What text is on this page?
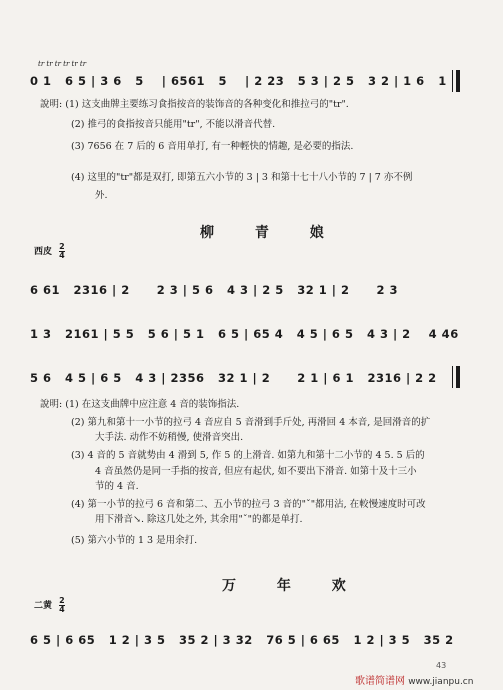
tr tr tr tr tr tr
0 1   6 5 | 3 6   5    | 6561   5    | 2 23   5 3 | 2 5   3 2 | 1 6   1
說明: (1) 这支曲牌主要练习食指按音的装饰音的各种变化和推拉弓的"tr".
(2) 推弓的食指按音只能用"tr", 不能以滑音代替.
(3) 7656 在 7 后的 6 音用单打, 有一种輕快的情趣, 是必要的指法.
(4) 这里的"tr"都是双打, 即第五六小节的 3 | 3 和第十七十八小节的 7 | 7 亦不例
外.
柳 青 娘
西皮 $\frac{2}{4}$
6 61   2316 | 2      2 3 | 5 6   4 3 | 2 5   32 1 | 2      2 3
1 3   2161 | 5 5   5 6 | 5 1   6 5 | 65 4   4 5 | 6 5   4 3 | 2    4 46
5 6   4 5 | 6 5   4 3 | 2356   32 1 | 2      2 1 | 6 1   2316 | 2 2
說明: (1) 在这支曲牌中应注意 4 音的装饰指法.
(2) 第九和第十一小节的拉弓 4 音应自 5 音滑到手斤处, 再滑回 4 本音, 是回滑音的扩
大手法. 动作不妨稍慢, 使滑音突出.
(3) 4 音的 5 音就势由 4 滑到 5, 作 5 的上滑音. 如第九和第十二小节的 4 5. 5 后的
4 音虽然仍是同一手指的按音, 但应有起伏, 如不要出下滑音. 如第十及十三小
节的 4 音.
(4) 第一小节的拉弓 6 音和第二、五小节的拉弓 3 音的"ˇ"都用沾, 在較慢速度时可改
用下滑音↘. 除这几处之外, 其余用"ˇ"的都是单打.
(5) 第六小节的 1 3 是用余打.
万 年 欢
二黄 $\frac{2}{4}$
6 5 | 6 65   1 2 | 3 5   35 2 | 3 32   76 5 | 6 65   1 2 | 3 5   35 2
43
歌谱简谱网 www.jianpu.cn
